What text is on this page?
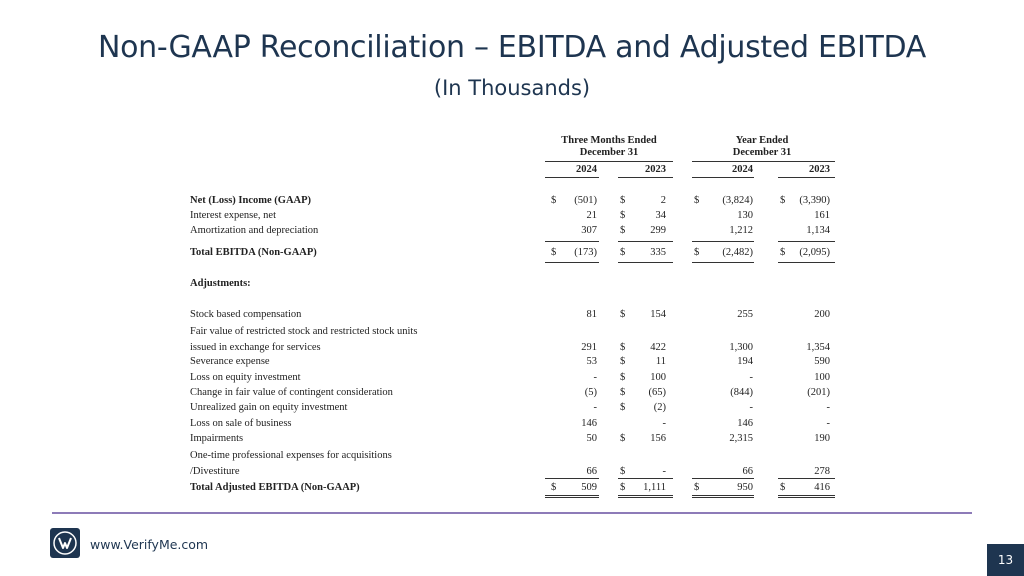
Non-GAAP Reconciliation – EBITDA and Adjusted EBITDA
(In Thousands)
Three Months Ended
December 31
Year Ended
December 31
2024	2023	2024	2023
Net (Loss) Income (GAAP)	$	(501) $	2	$	(3,824)	$	(3,390)
Interest expense, net	21 $	34	130	161
Amortization and depreciation	307 $	299	1,212	1,134
Total EBITDA (Non-GAAP)	$	(173) $	335	$	(2,482)	$	(2,095)
Adjustments:
Stock based compensation	81 $	154	255	200
Fair value of restricted stock and restricted stock units
issued in exchange for services	291 $	422	1,300	1,354
Severance expense	53 $	11	194	590
Loss on equity investment	- $	100	-	100
Change in fair value of contingent consideration	(5) $	(65)	(844)	(201)
Unrealized gain on equity investment	- $	(2)	-	-
Loss on sale of business	146	-	146	-
Impairments	50 $	156	2,315	190
One-time professional expenses for acquisitions
/Divestiture	66 $	-	66	278
Total Adjusted EBITDA (Non-GAAP)	$	509 $	1,111	$	950	$	416
www.VerifyMe.com
13
